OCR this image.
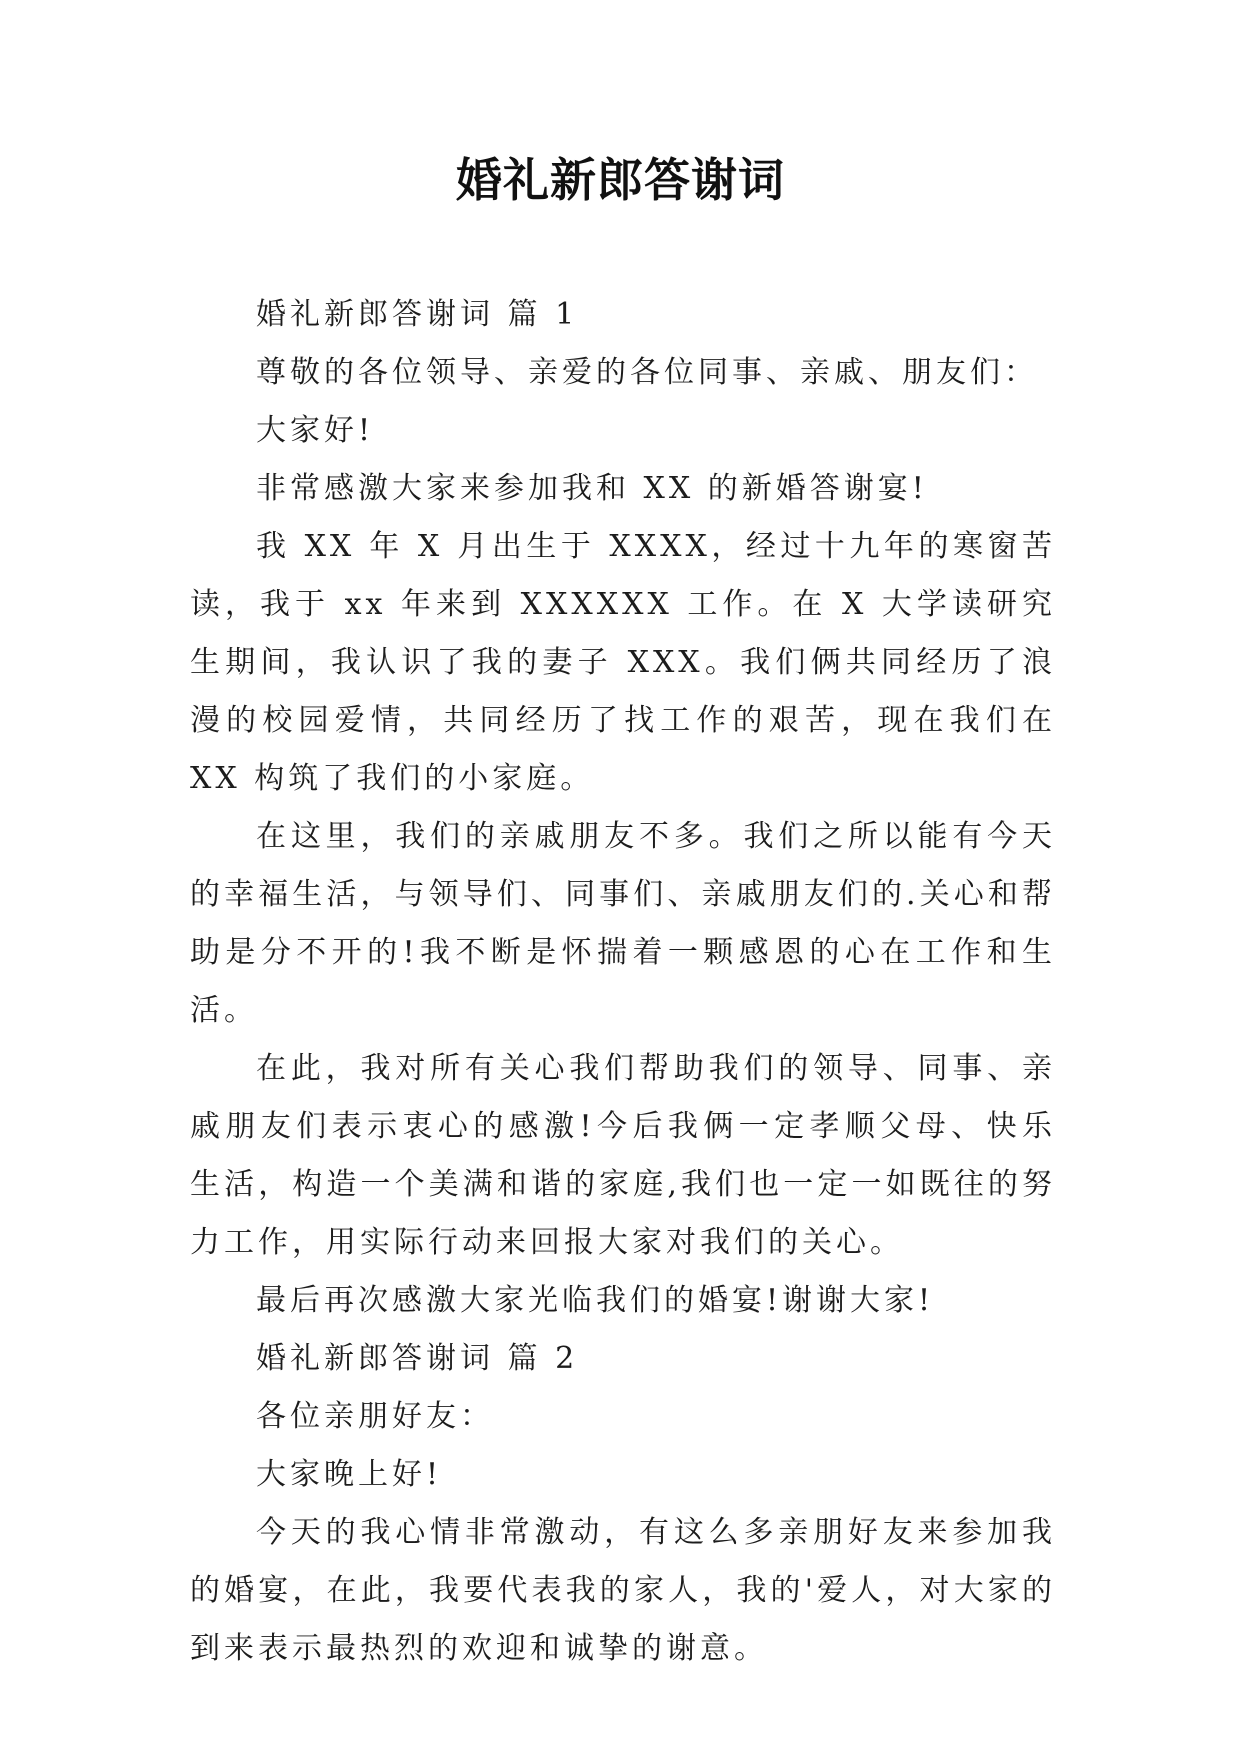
婚礼新郎答谢词

婚礼新郎答谢词 篇 1

尊敬的各位领导、亲爱的各位同事、亲戚、朋友们：

大家好!

非常感激大家来参加我和 XX 的新婚答谢宴!

我 XX 年 X 月出生于 XXXX，经过十九年的寒窗苦读，我于 xx 年来到 XXXXXX 工作。在 X 大学读研究生期间，我认识了我的妻子 XXX。我们俩共同经历了浪漫的校园爱情，共同经历了找工作的艰苦，现在我们在 XX 构筑了我们的小家庭。

在这里，我们的亲戚朋友不多。我们之所以能有今天的幸福生活，与领导们、同事们、亲戚朋友们的.关心和帮助是分不开的!我不断是怀揣着一颗感恩的心在工作和生活。

在此，我对所有关心我们帮助我们的领导、同事、亲戚朋友们表示衷心的感激!今后我俩一定孝顺父母、快乐生活，构造一个美满和谐的家庭,我们也一定一如既往的努力工作，用实际行动来回报大家对我们的关心。

最后再次感激大家光临我们的婚宴!谢谢大家!

婚礼新郎答谢词 篇 2

各位亲朋好友：

大家晚上好!

今天的我心情非常激动，有这么多亲朋好友来参加我的婚宴，在此，我要代表我的家人，我的'爱人，对大家的到来表示最热烈的欢迎和诚挚的谢意。
